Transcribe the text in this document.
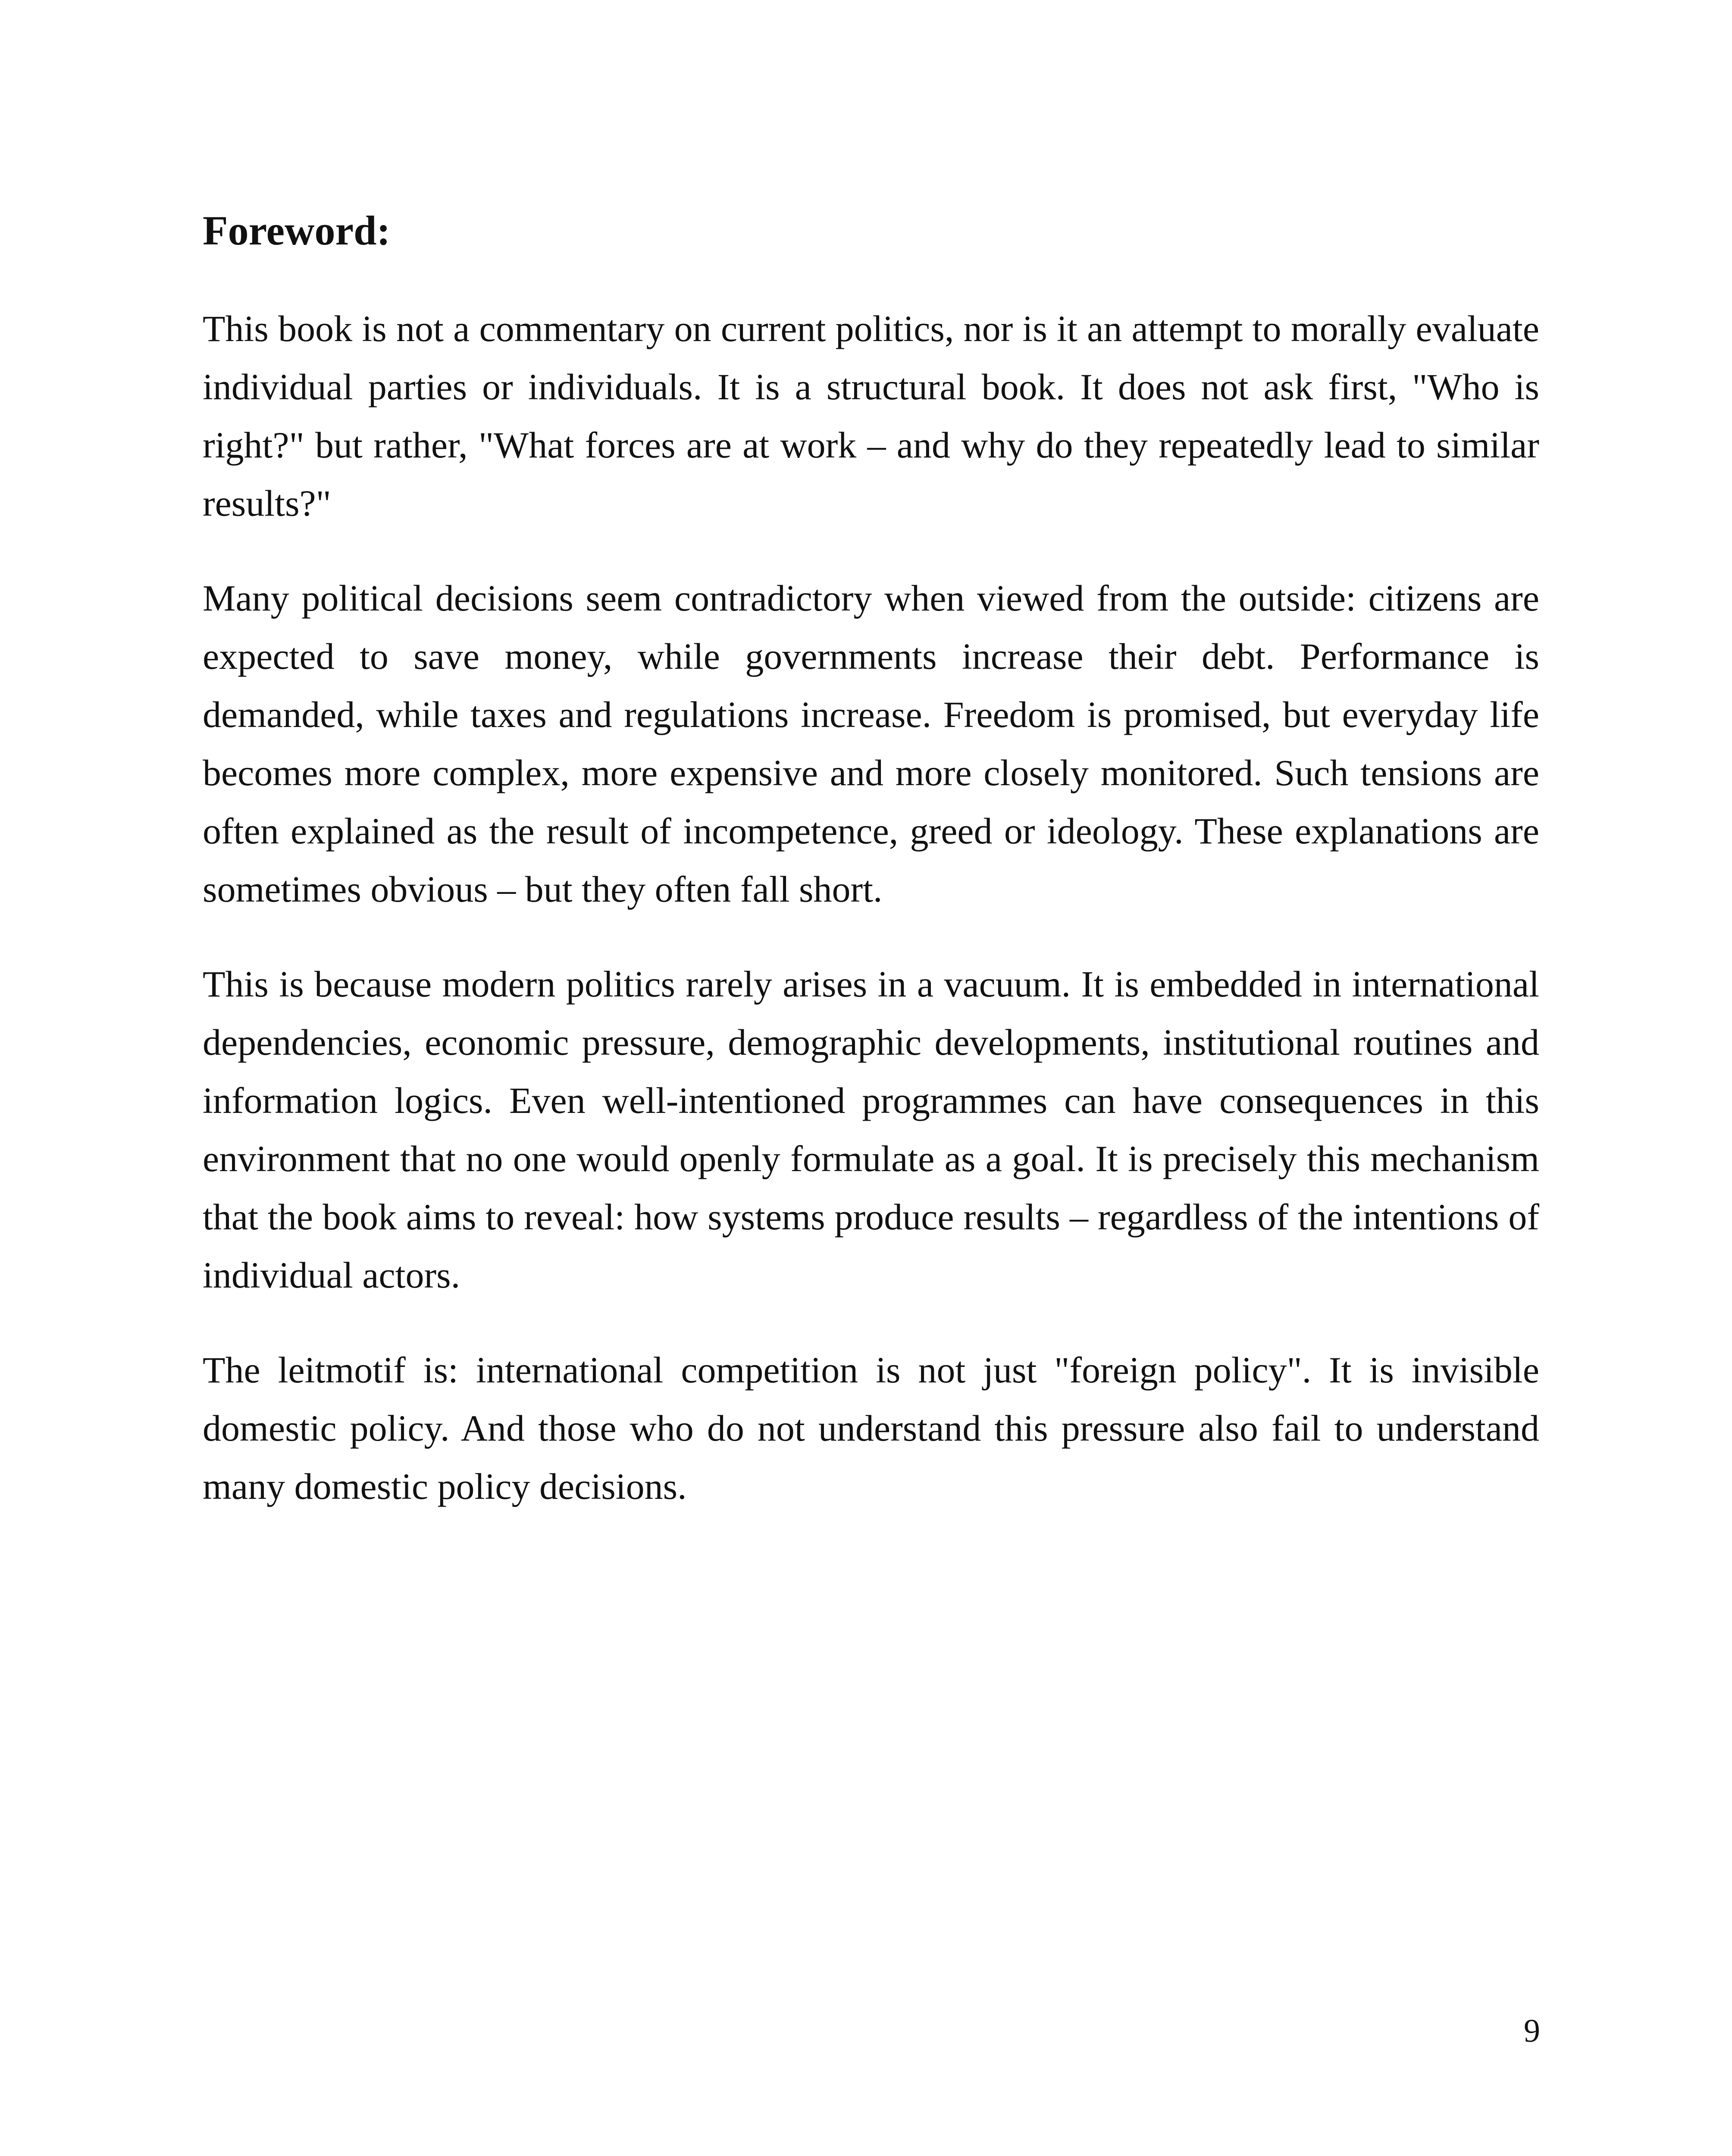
Foreword:

This book is not a commentary on current politics, nor is it an attempt to morally evaluate individual parties or individuals. It is a structural book. It does not ask first, "Who is right?" but rather, "What forces are at work – and why do they repeatedly lead to similar results?"

Many political decisions seem contradictory when viewed from the outside: citizens are expected to save money, while governments increase their debt. Performance is demanded, while taxes and regulations increase. Freedom is promised, but everyday life becomes more complex, more expensive and more closely monitored. Such tensions are often explained as the result of incompetence, greed or ideology. These explanations are sometimes obvious – but they often fall short.

This is because modern politics rarely arises in a vacuum. It is embedded in international dependencies, economic pressure, demographic developments, institutional routines and information logics. Even well-intentioned programmes can have consequences in this environment that no one would openly formulate as a goal. It is precisely this mechanism that the book aims to reveal: how systems produce results – regardless of the intentions of individual actors.

The leitmotif is: international competition is not just "foreign policy". It is invisible domestic policy. And those who do not understand this pressure also fail to understand many domestic policy decisions.

9
